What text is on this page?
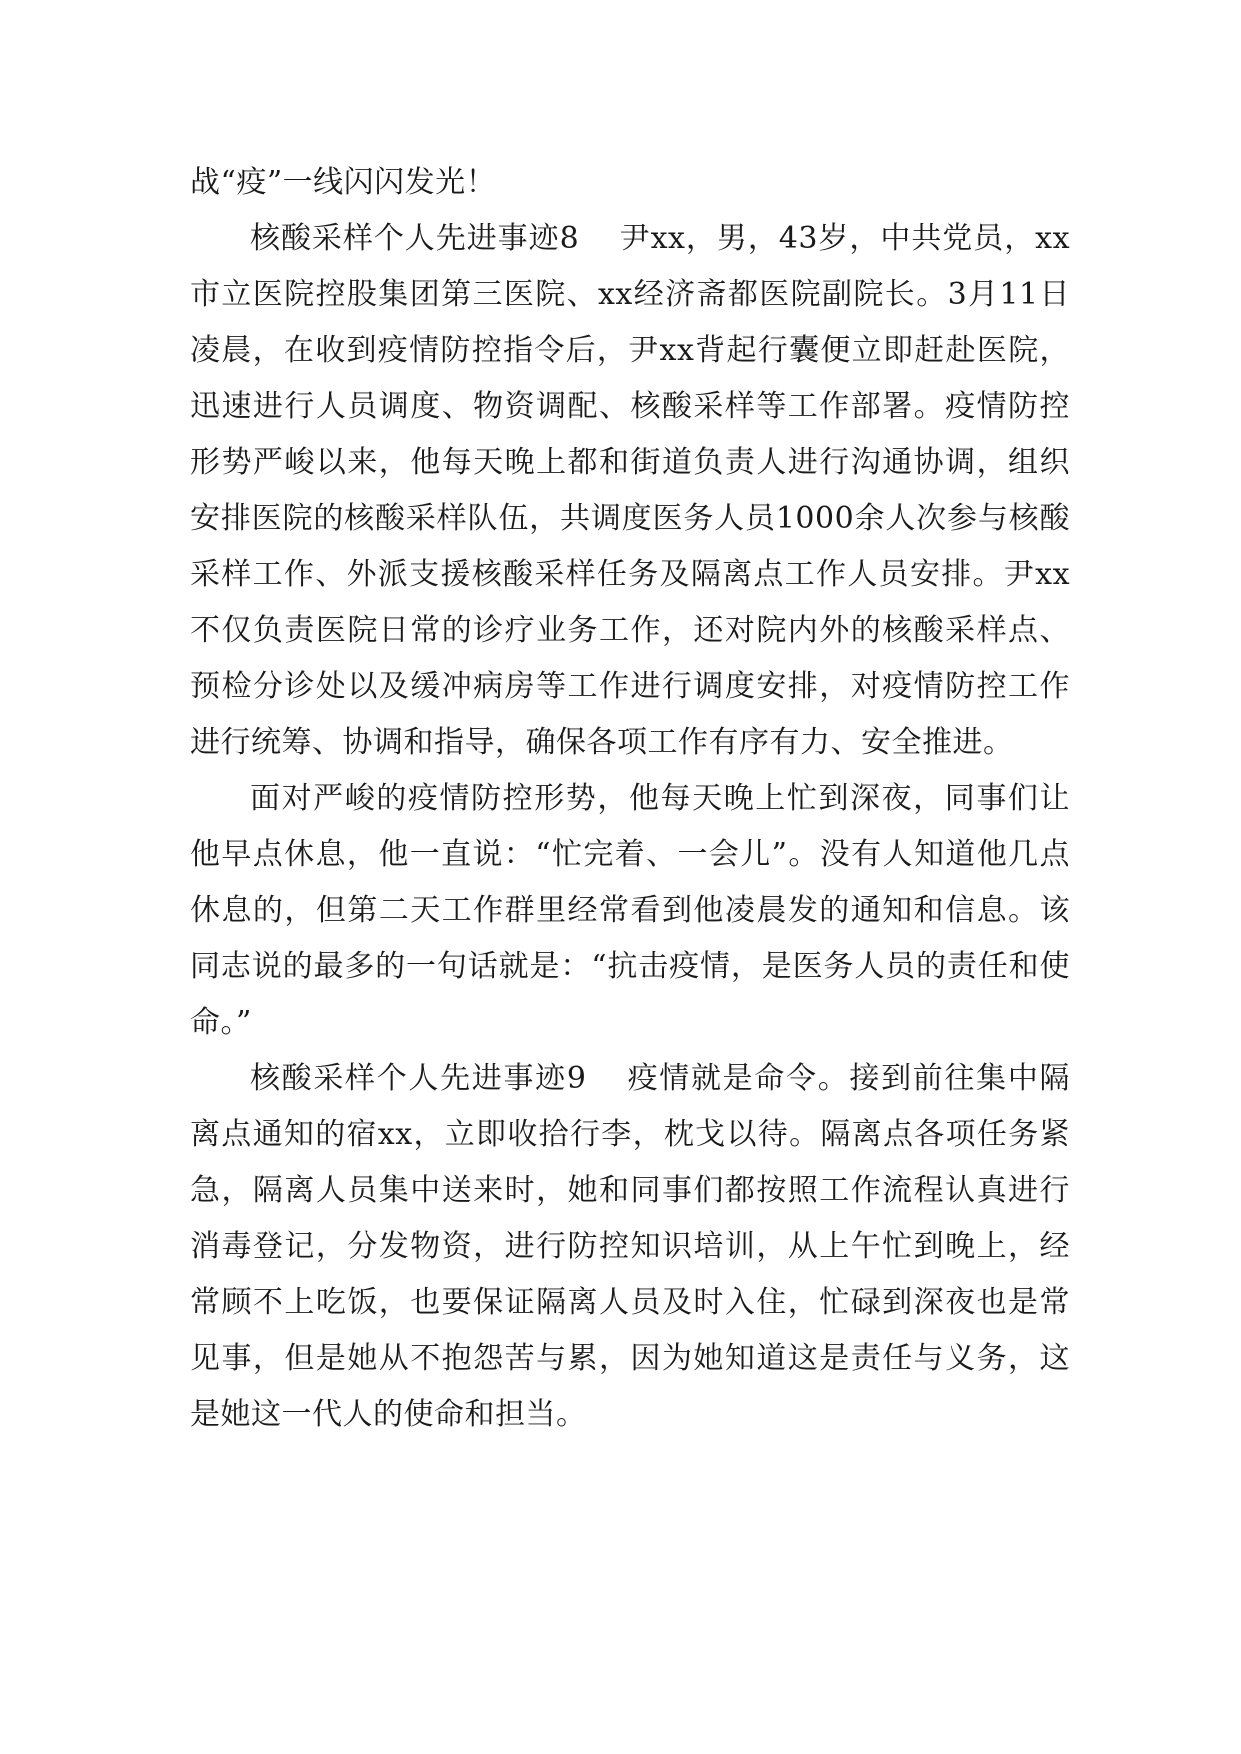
战“疫”一线闪闪发光！

核酸采样个人先进事迹8 尹xx，男，43岁，中共党员，xx市立医院控股集团第三医院、xx经济斋都医院副院长。3月11日凌晨，在收到疫情防控指令后，尹xx背起行囊便立即赶赴医院，迅速进行人员调度、物资调配、核酸采样等工作部署。疫情防控形势严峻以来，他每天晚上都和街道负责人进行沟通协调，组织安排医院的核酸采样队伍，共调度医务人员1000余人次参与核酸采样工作、外派支援核酸采样任务及隔离点工作人员安排。尹xx不仅负责医院日常的诊疗业务工作，还对院内外的核酸采样点、预检分诊处以及缓冲病房等工作进行调度安排，对疫情防控工作进行统筹、协调和指导，确保各项工作有序有力、安全推进。

面对严峻的疫情防控形势，他每天晚上忙到深夜，同事们让他早点休息，他一直说：“忙完着、一会儿”。没有人知道他几点休息的，但第二天工作群里经常看到他凌晨发的通知和信息。该同志说的最多的一句话就是：“抗击疫情，是医务人员的责任和使命。”

核酸采样个人先进事迹9 疫情就是命令。接到前往集中隔离点通知的宿xx，立即收拾行李，枕戈以待。隔离点各项任务紧急，隔离人员集中送来时，她和同事们都按照工作流程认真进行消毒登记，分发物资，进行防控知识培训，从上午忙到晚上，经常顾不上吃饭，也要保证隔离人员及时入住，忙碌到深夜也是常见事，但是她从不抱怨苦与累，因为她知道这是责任与义务，这是她这一代人的使命和担当。
